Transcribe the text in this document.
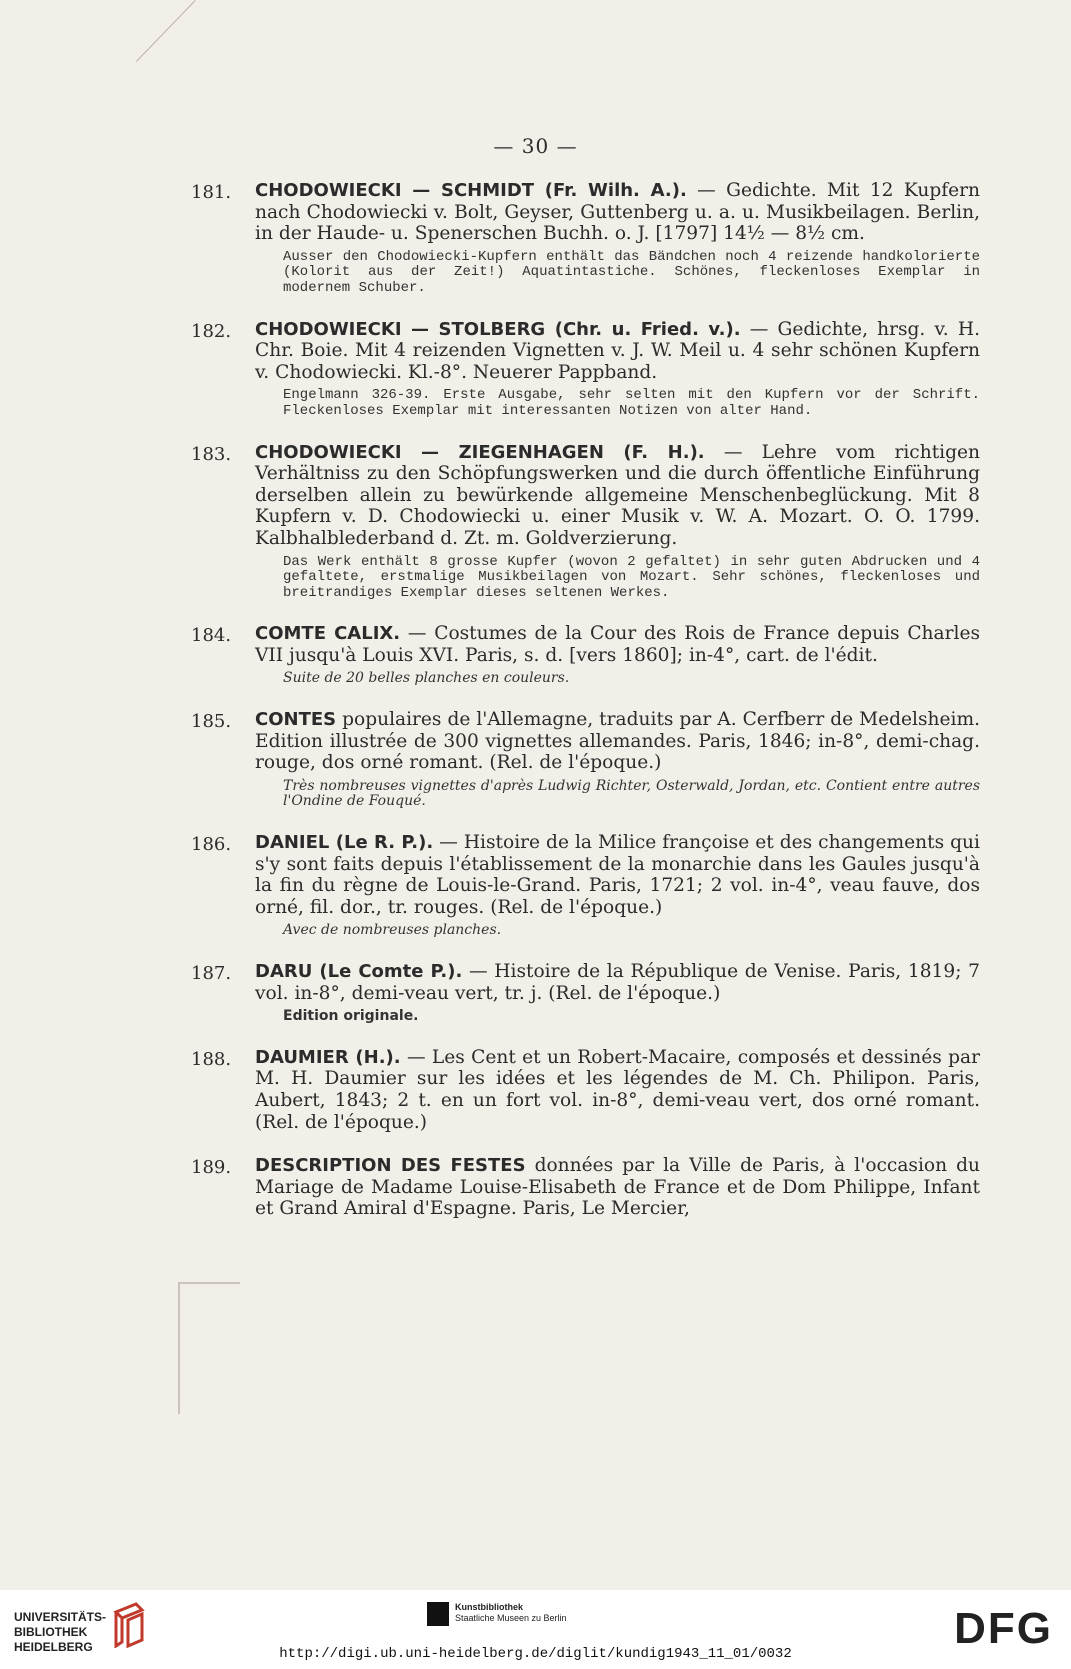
— 30 —
181.	CHODOWIECKI — SCHMIDT (Fr. Wilh. A.). — Gedichte. Mit 12 Kupfern nach Chodowiecki v. Bolt, Geyser, Guttenberg u. a. u. Musikbeilagen. Berlin, in der Haude- u. Spenerschen Buchh. o. J. [1797] 14½ — 8½ cm.
Ausser den Chodowiecki-Kupfern enthält das Bändchen noch 4 reizende handkolorierte (Kolorit aus der Zeit!) Aquatintastiche. Schönes, fleckenloses Exemplar in modernem Schuber.
182.	CHODOWIECKI — STOLBERG (Chr. u. Fried. v.). — Gedichte, hrsg. v. H. Chr. Boie. Mit 4 reizenden Vignetten v. J. W. Meil u. 4 sehr schönen Kupfern v. Chodowiecki. Kl.-8°. Neuerer Pappband.
Engelmann 326-39. Erste Ausgabe, sehr selten mit den Kupfern vor der Schrift. Fleckenloses Exemplar mit interessanten Notizen von alter Hand.
183.	CHODOWIECKI — ZIEGENHAGEN (F. H.). — Lehre vom richtigen Verhältniss zu den Schöpfungswerken und die durch öffentliche Einführung derselben allein zu bewürkende allgemeine Menschenbeglückung. Mit 8 Kupfern v. D. Chodowiecki u. einer Musik v. W. A. Mozart. O. O. 1799. Kalbhalblederband d. Zt. m. Goldverzierung.
Das Werk enthält 8 grosse Kupfer (wovon 2 gefaltet) in sehr guten Abdrucken und 4 gefaltete, erstmalige Musikbeilagen von Mozart. Sehr schönes, fleckenloses und breitrandiges Exemplar dieses seltenen Werkes.
184.	COMTE CALIX. — Costumes de la Cour des Rois de France depuis Charles VII jusqu'à Louis XVI. Paris, s. d. [vers 1860]; in-4°, cart. de l'édit.
Suite de 20 belles planches en couleurs.
185.	CONTES populaires de l'Allemagne, traduits par A. Cerfberr de Medelsheim. Edition illustrée de 300 vignettes allemandes. Paris, 1846; in-8°, demi-chag. rouge, dos orné romant. (Rel. de l'époque.)
Très nombreuses vignettes d'après Ludwig Richter, Osterwald, Jordan, etc. Contient entre autres l'Ondine de Fouqué.
186.	DANIEL (Le R. P.). — Histoire de la Milice françoise et des changements qui s'y sont faits depuis l'établissement de la monarchie dans les Gaules jusqu'à la fin du règne de Louis-le-Grand. Paris, 1721; 2 vol. in-4°, veau fauve, dos orné, fil. dor., tr. rouges. (Rel. de l'époque.)
Avec de nombreuses planches.
187.	DARU (Le Comte P.). — Histoire de la République de Venise. Paris, 1819; 7 vol. in-8°, demi-veau vert, tr. j. (Rel. de l'époque.)
Edition originale.
188.	DAUMIER (H.). — Les Cent et un Robert-Macaire, composés et dessinés par M. H. Daumier sur les idées et les légendes de M. Ch. Philipon. Paris, Aubert, 1843; 2 t. en un fort vol. in-8°, demi-veau vert, dos orné romant. (Rel. de l'époque.)
189.	DESCRIPTION DES FESTES données par la Ville de Paris, à l'occasion du Mariage de Madame Louise-Elisabeth de France et de Dom Philippe, Infant et Grand Amiral d'Espagne. Paris, Le Mercier,
UNIVERSITÄTS-
BIBLIOTHEK
HEIDELBERG
Kunstbibliothek
Staatliche Museen zu Berlin	DFG
http://digi.ub.uni-heidelberg.de/diglit/kundig1943_11_01/0032
